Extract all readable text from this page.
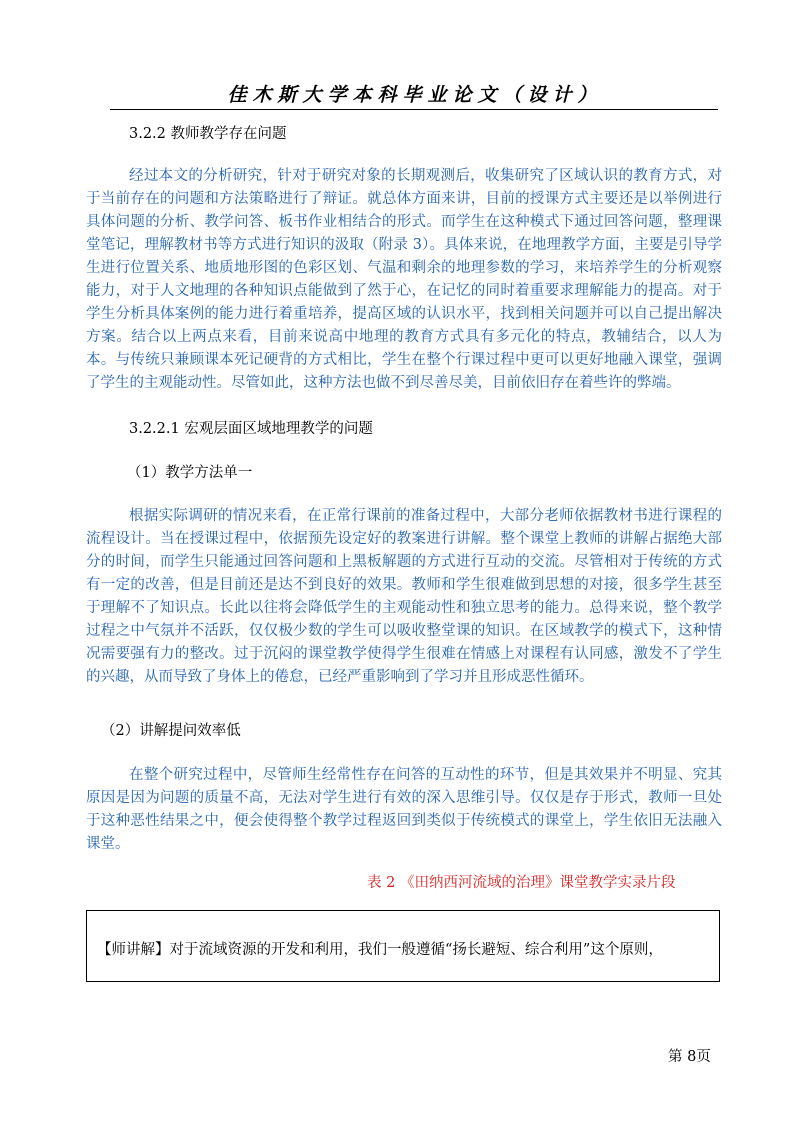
佳木斯大学本科毕业论文（设计）
3.2.2 教师教学存在问题

经过本文的分析研究，针对于研究对象的长期观测后，收集研究了区域认识的教育方式，对于当前存在的问题和方法策略进行了辩证。就总体方面来讲，目前的授课方式主要还是以举例进行具体问题的分析、教学问答、板书作业相结合的形式。而学生在这种模式下通过回答问题，整理课堂笔记，理解教材书等方式进行知识的汲取（附录 3）。具体来说，在地理教学方面，主要是引导学生进行位置关系、地质地形图的色彩区划、气温和剩余的地理参数的学习，来培养学生的分析观察能力，对于人文地理的各种知识点能做到了然于心，在记忆的同时着重要求理解能力的提高。对于学生分析具体案例的能力进行着重培养，提高区域的认识水平，找到相关问题并可以自己提出解决方案。结合以上两点来看，目前来说高中地理的教育方式具有多元化的特点，教辅结合，以人为本。与传统只兼顾课本死记硬背的方式相比，学生在整个行课过程中更可以更好地融入课堂，强调了学生的主观能动性。尽管如此，这种方法也做不到尽善尽美，目前依旧存在着些许的弊端。

3.2.2.1 宏观层面区域地理教学的问题
（1）教学方法单一

根据实际调研的情况来看，在正常行课前的准备过程中，大部分老师依据教材书进行课程的流程设计。当在授课过程中，依据预先设定好的教案进行讲解。整个课堂上教师的讲解占据绝大部分的时间，而学生只能通过回答问题和上黑板解题的方式进行互动的交流。尽管相对于传统的方式有一定的改善，但是目前还是达不到良好的效果。教师和学生很难做到思想的对接，很多学生甚至于理解不了知识点。长此以往将会降低学生的主观能动性和独立思考的能力。总得来说，整个教学过程之中气氛并不活跃，仅仅极少数的学生可以吸收整堂课的知识。在区域教学的模式下，这种情况需要强有力的整改。过于沉闷的课堂教学使得学生很难在情感上对课程有认同感，激发不了学生的兴趣，从而导致了身体上的倦怠，已经严重影响到了学习并且形成恶性循环。

（2）讲解提问效率低

在整个研究过程中，尽管师生经常性存在问答的互动性的环节，但是其效果并不明显、究其原因是因为问题的质量不高，无法对学生进行有效的深入思维引导。仅仅是存于形式，教师一旦处于这种恶性结果之中，便会使得整个教学过程返回到类似于传统模式的课堂上，学生依旧无法融入课堂。

表 2 《田纳西河流域的治理》课堂教学实录片段
【师讲解】对于流域资源的开发和利用，我们一般遵循“扬长避短、综合利用”这个原则，
第 8页
